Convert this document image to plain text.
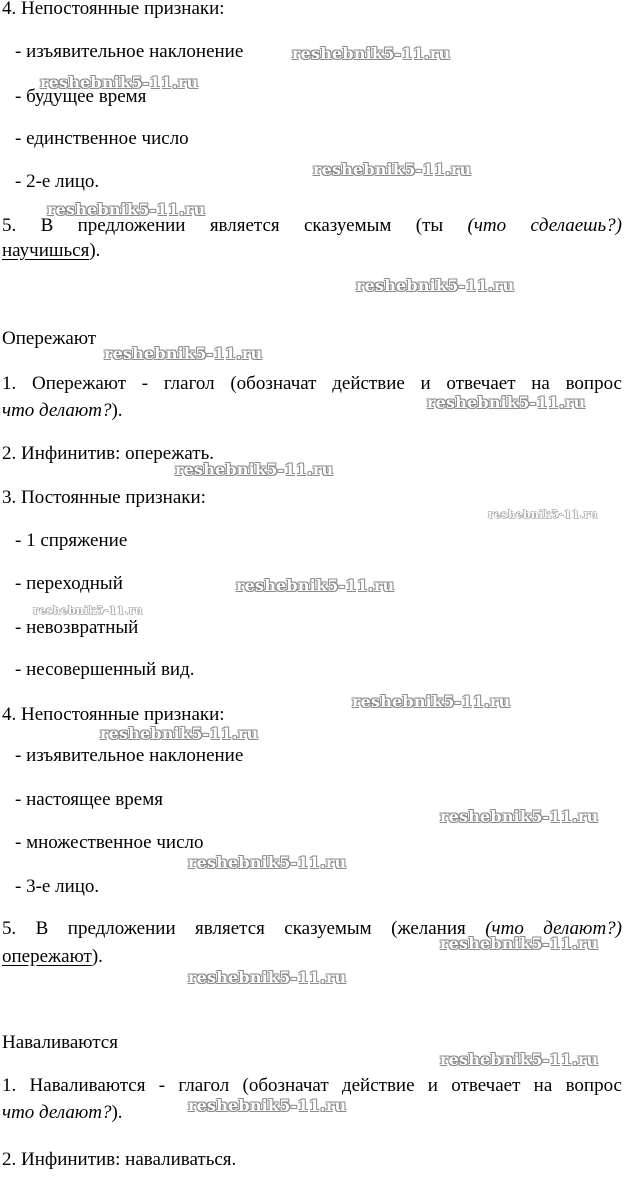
4. Непостоянные признаки:
- изъявительное наклонение
- будущее время
- единственное число
- 2-е лицо.
5. В предложении является сказуемым (ты (что сделаешь?)
научишься).
Опережают
1. Опережают - глагол (обозначат действие и отвечает на вопрос
что делают?).
2. Инфинитив: опережать.
3. Постоянные признаки:
- 1 спряжение
- переходный
- невозвратный
- несовершенный вид.
4. Непостоянные признаки:
- изъявительное наклонение
- настоящее время
- множественное число
- 3-е лицо.
5. В предложении является сказуемым (желания (что делают?)
опережают).
Наваливаются
1. Наваливаются - глагол (обозначат действие и отвечает на вопрос
что делают?).
2. Инфинитив: наваливаться.
reshebnik5-11.ru
reshebnik5-11.ru
reshebnik5-11.ru
reshebnik5-11.ru
reshebnik5-11.ru
reshebnik5-11.ru
reshebnik5-11.ru
reshebnik5-11.ru
reshebnik5-11.ru
reshebnik5-11.ru
reshebnik5-11.ru
reshebnik5-11.ru
reshebnik5-11.ru
reshebnik5-11.ru
reshebnik5-11.ru
reshebnik5-11.ru
reshebnik5-11.ru
reshebnik5-11.ru
reshebnik5-11.ru
